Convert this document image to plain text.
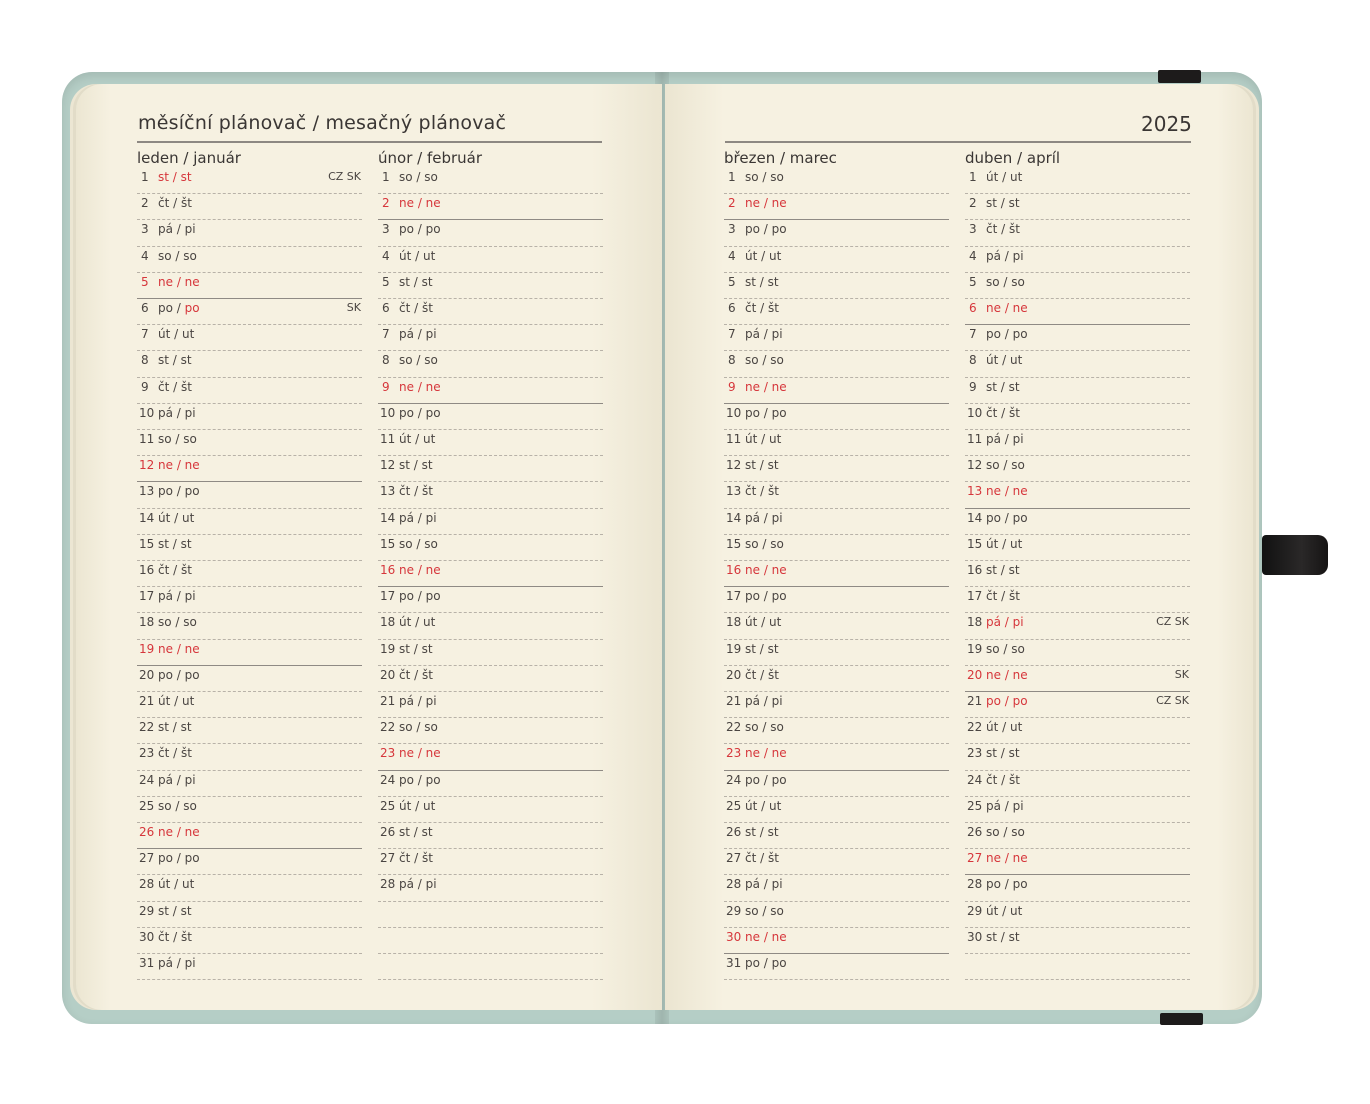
měsíční plánovač / mesačný plánovač	2025
leden / január
1 st / st	CZ SK
2 čt / št
3 pá / pi
4 so / so
5 ne / ne
6 po / po	SK
7 út / ut
8 st / st
9 čt / št
10 pá / pi
11 so / so
12 ne / ne
13 po / po
14 út / ut
15 st / st
16 čt / št
17 pá / pi
18 so / so
19 ne / ne
20 po / po
21 út / ut
22 st / st
23 čt / št
24 pá / pi
25 so / so
26 ne / ne
27 po / po
28 út / ut
29 st / st
30 čt / št
31 pá / pi
únor / február
1 so / so
2 ne / ne
3 po / po
4 út / ut
5 st / st
6 čt / št
7 pá / pi
8 so / so
9 ne / ne
10 po / po
11 út / ut
12 st / st
13 čt / št
14 pá / pi
15 so / so
16 ne / ne
17 po / po
18 út / ut
19 st / st
20 čt / št
21 pá / pi
22 so / so
23 ne / ne
24 po / po
25 út / ut
26 st / st
27 čt / št
28 pá / pi
březen / marec
1 so / so
2 ne / ne
3 po / po
4 út / ut
5 st / st
6 čt / št
7 pá / pi
8 so / so
9 ne / ne
10 po / po
11 út / ut
12 st / st
13 čt / št
14 pá / pi
15 so / so
16 ne / ne
17 po / po
18 út / ut
19 st / st
20 čt / št
21 pá / pi
22 so / so
23 ne / ne
24 po / po
25 út / ut
26 st / st
27 čt / št
28 pá / pi
29 so / so
30 ne / ne
31 po / po
duben / apríl
1 út / ut
2 st / st
3 čt / št
4 pá / pi
5 so / so
6 ne / ne
7 po / po
8 út / ut
9 st / st
10 čt / št
11 pá / pi
12 so / so
13 ne / ne
14 po / po
15 út / ut
16 st / st
17 čt / št
18 pá / pi	CZ SK
19 so / so
20 ne / ne	SK
21 po / po	CZ SK
22 út / ut
23 st / st
24 čt / št
25 pá / pi
26 so / so
27 ne / ne
28 po / po
29 út / ut
30 st / st
